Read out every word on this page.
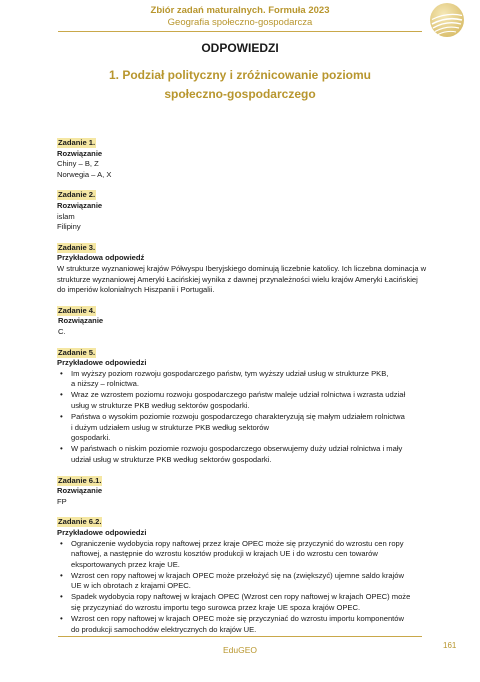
Zbiór zadań maturalnych. Formuła 2023
Geografia społeczno-gospodarcza
ODPOWIEDZI
1. Podział polityczny i zróżnicowanie poziomu
społeczno-gospodarczego
Zadanie 1.
Rozwiązanie
Chiny – B, Z
Norwegia – A, X
Zadanie 2.
Rozwiązanie
islam
Filipiny
Zadanie 3.
Przykładowa odpowiedź
W strukturze wyznaniowej krajów Półwyspu Iberyjskiego dominują liczebnie katolicy. Ich liczebna dominacja w strukturze wyznaniowej Ameryki Łacińskiej wynika z dawnej przynależności wielu krajów Ameryki Łacińskiej do imperiów kolonialnych Hiszpanii i Portugalii.
Zadanie 4.
Rozwiązanie
C.
Zadanie 5.
Przykładowe odpowiedzi
• Im wyższy poziom rozwoju gospodarczego państw, tym wyższy udział usług w strukturze PKB,
a niższy – rolnictwa.
• Wraz ze wzrostem poziomu rozwoju gospodarczego państw maleje udział rolnictwa i wzrasta udział
usług w strukturze PKB według sektorów gospodarki.
• Państwa o wysokim poziomie rozwoju gospodarczego charakteryzują się małym udziałem rolnictwa
i dużym udziałem usług w strukturze PKB według sektorów
gospodarki.
• W państwach o niskim poziomie rozwoju gospodarczego obserwujemy duży udział rolnictwa i mały
udział usług w strukturze PKB według sektorów gospodarki.
Zadanie 6.1.
Rozwiązanie
FP
Zadanie 6.2.
Przykładowe odpowiedzi
• Ograniczenie wydobycia ropy naftowej przez kraje OPEC może się przyczynić do wzrostu cen ropy
naftowej, a następnie do wzrostu kosztów produkcji w krajach UE i do wzrostu cen towarów
eksportowanych przez kraje UE.
• Wzrost cen ropy naftowej w krajach OPEC może przełożyć się na (zwiększyć) ujemne saldo krajów
UE w ich obrotach z krajami OPEC.
• Spadek wydobycia ropy naftowej w krajach OPEC (Wzrost cen ropy naftowej w krajach OPEC) może
się przyczyniać do wzrostu importu tego surowca przez kraje UE spoza krajów OPEC.
• Wzrost cen ropy naftowej w krajach OPEC może się przyczyniać do wzrostu importu komponentów
do produkcji samochodów elektrycznych do krajów UE.
EduGEO	161
